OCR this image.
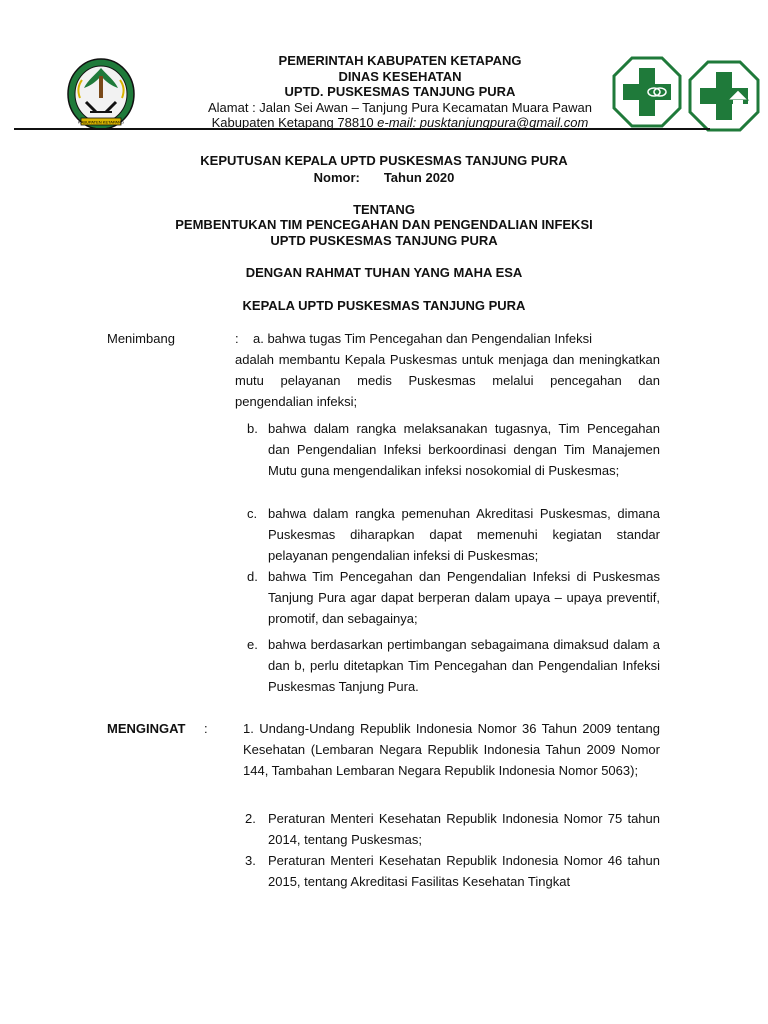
KABUPATEN KETAPANG
PEMERINTAH KABUPATEN KETAPANG
DINAS KESEHATAN
UPTD. PUSKESMAS TANJUNG PURA
Alamat : Jalan Sei Awan – Tanjung Pura Kecamatan Muara Pawan
Kabupaten Ketapang 78810 e-mail: pusktanjungpura@gmail.com
KEPUTUSAN KEPALA UPTD PUSKESMAS TANJUNG PURA
Nomor: Tahun 2020
TENTANG
PEMBENTUKAN TIM PENCEGAHAN DAN PENGENDALIAN INFEKSI
UPTD PUSKESMAS TANJUNG PURA
DENGAN RAHMAT TUHAN YANG MAHA ESA
KEPALA UPTD PUSKESMAS TANJUNG PURA
Menimbang	: a. bahwa tugas Tim Pencegahan dan Pengendalian Infeksi
adalah membantu Kepala Puskesmas untuk menjaga dan meningkatkan mutu pelayanan medis Puskesmas melalui pencegahan dan pengendalian infeksi;
b. bahwa dalam rangka melaksanakan tugasnya, Tim Pencegahan dan Pengendalian Infeksi berkoordinasi dengan Tim Manajemen Mutu guna mengendalikan infeksi nosokomial di Puskesmas;
c. bahwa dalam rangka pemenuhan Akreditasi Puskesmas, dimana Puskesmas diharapkan dapat memenuhi kegiatan standar pelayanan pengendalian infeksi di Puskesmas;
d. bahwa Tim Pencegahan dan Pengendalian Infeksi di Puskesmas Tanjung Pura agar dapat berperan dalam upaya – upaya preventif, promotif, dan sebagainya;
e. bahwa berdasarkan pertimbangan sebagaimana dimaksud dalam a dan b, perlu ditetapkan Tim Pencegahan dan Pengendalian Infeksi Puskesmas Tanjung Pura.
MENGINGAT :	1. Undang-Undang Republik Indonesia Nomor 36 Tahun 2009 tentang Kesehatan (Lembaran Negara Republik Indonesia Tahun 2009 Nomor 144, Tambahan Lembaran Negara Republik Indonesia Nomor 5063);
2. Peraturan Menteri Kesehatan Republik Indonesia Nomor 75 tahun 2014, tentang Puskesmas;
3. Peraturan Menteri Kesehatan Republik Indonesia Nomor 46 tahun 2015, tentang Akreditasi Fasilitas Kesehatan Tingkat
